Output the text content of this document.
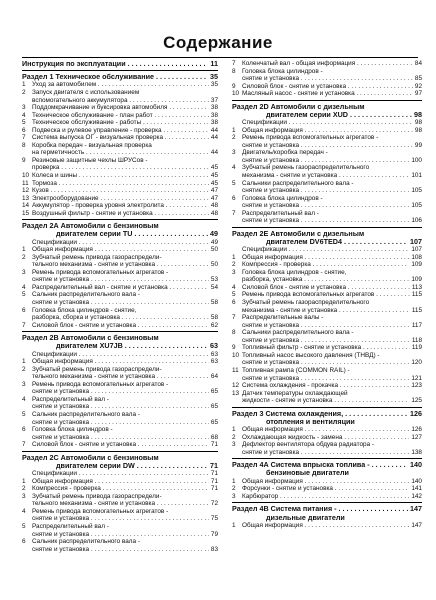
Содержание
Инструкция по эксплуатации . . .	11
Раздел 1 Техническое обслуживание . . .	35
1	Уход за автомобилем . . .	35
2	Запуск двигателя с использованием
вспомогательного аккумулятора . . .	37
3	Поддомкрачивание и буксировка автомобиля . . .	38
4	Техническое обслуживание - план работ . . .	38
5	Техническое обслуживание - работы . . .	38
6	Подвеска и рулевое управление - проверка . . .	44
7	Система выпуска ОГ - визуальная проверка . . .	44
8	Коробка передач - визуальная проверка
на герметичность . . .	44
9	Резиновые защитные чехлы ШРУСов -
проверка . . .	45
10 Колеса и шины . . .	45
11 Тормоза . . .	45
12 Кузов . . .	47
13 Электрооборудование . . .	47
14 Аккумулятор - проверка уровня электролита . . .	48
15 Воздушный фильтр - снятие и установка . . .	48
Раздел 2А Автомобили с бензиновым
двигателем серии TU . . .	49
Спецификации . . .	49
1	Общая информация . . .	50
2	Зубчатый ремень привода газораспредели-
тельного механизма - снятие и установка . . .	50
3	Ремень привода вспомогательных агрегатов -
снятие и установка . . .	53
4	Распределительный вал - снятие и установка . . .	54
5	Сальник распределительного вала -
снятие и установка . . .	58
6	Головка блока цилиндров - снятие,
разборка, сборка и установка . . .	58
7	Силовой блок - снятие и установка . . .	62
Раздел 2B Автомобили с бензиновым
двигателем XU7JB . . .	63
Спецификации . . .	63
1	Общая информация . . .	63
2	Зубчатый ремень привода газораспредели-
тельного механизма - снятие и установка . . .	64
3	Ремень привода вспомогательных агрегатов -
снятие и установка . . .	65
4	Распределительный вал -
снятие и установка . . .	65
5	Сальник распределительного вала -
снятие и установка . . .	65
6	Головка блока цилиндров -
снятие и установка . . .	68
7	Силовой блок - снятие и установка . . .	71
Раздел 2С Автомобили с бензиновым
двигателем серии DW . . .	71
Спецификации . . .	71
1	Общая информация . . .	71
2	Компрессия - проверка . . .	71
3	Зубчатый ремень привода газораспредели-
тельного механизма - снятие и установка . . .	72
4	Ремень привода вспомогательных агрегатов -
снятие и установка . . .	75
5	Распределительный вал -
снятие и установка . . .	79
6	Сальник распределительного вала -
снятие и установка . . .	83
7	Коленчатый вал - общая информация . . .	84
8	Головка блока цилиндров -
снятие и установка . . .	85
9	Силовой блок - снятие и установка . . .	92
10 Масляный насос - снятие и установка . . .	97
Раздел 2D Автомобили с дизельным
двигателем серии XUD . . .	98
Спецификации . . .	98
1	Общая информация . . .	98
2	Ремень привода вспомогательных агрегатов -
снятие и установка . . .	99
3	Двигатель/коробка передач -
снятие и установка . . .	100
4	Зубчатый ремень газораспределительного
механизма - снятие и установка . . .	101
5	Сальники распределительного вала -
снятие и установка . . .	105
6	Головка блока цилиндров -
снятие и установка . . .	105
7	Распределительный вал -
снятие и установка . . .	106
Раздел 2Е Автомобили с дизельным
двигателем DV6TED4 . . .	107
Спецификации . . .	107
1	Общая информация . . .	108
2	Компрессия - проверка . . .	109
3	Головка блока цилиндров - снятие,
разборка, установка . . .	109
4	Силовой блок - снятие и установка . . .	113
5	Ремень привода вспомогательных агрегатов . . .	115
6	Зубчатый ремень газораспределительного
механизма - снятие и установка . . .	115
7	Распределительные валы -
снятие и установка . . .	117
8	Сальники распределительного вала -
снятие и установка . . .	118
9	Топливный фильтр - снятие и установка . . .	119
10 Топливный насос высокого давления (ТНВД) -
снятие и установка . . .	120
11 Топливная рампа (COMMON RAIL) -
снятие и установка . . .	121
12 Система охлаждения - прокачка . . .	123
13 Датчик температуры охлаждающей
жидкости - снятие и установка . . .	125
Раздел 3 Система охлаждения, . . .	126
отопления и вентиляции
1	Общая информация . . .	126
2	Охлаждающая жидкость - замена . . .	127
3	Дефлектор вентилятора обдува радиатора -
снятие и установка . . .	138
Раздел 4А Система впрыска топлива - . . .	140
бензиновые двигатели
1	Общая информация . . .	140
2	Форсунки - снятие и установка . . .	141
3	Карбюратор . . .	142
Раздел 4В Система питания - . . .	147
дизельные двигатели
1	Общая информация . . .	147
